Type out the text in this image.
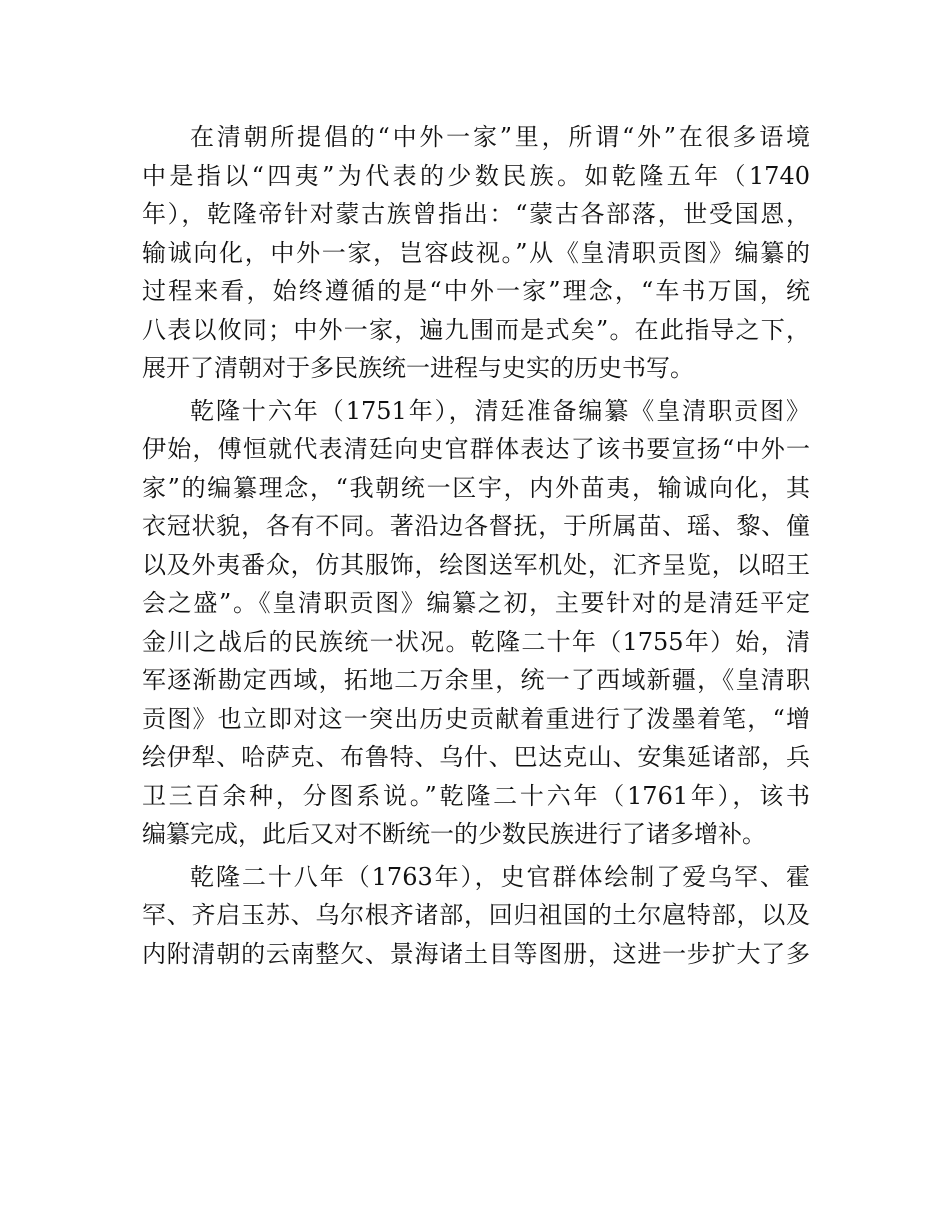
在清朝所提倡的“中外一家”里，所谓“外”在很多语境
中是指以“四夷”为代表的少数民族。如乾隆五年（1740
年），乾隆帝针对蒙古族曾指出：“蒙古各部落，世受国恩，
输诚向化，中外一家，岂容歧视。”从《皇清职贡图》编纂的
过程来看，始终遵循的是“中外一家”理念，“车书万国，统
八表以攸同；中外一家，遍九围而是式矣”。在此指导之下，
展开了清朝对于多民族统一进程与史实的历史书写。
乾隆十六年（1751年），清廷准备编纂《皇清职贡图》
伊始，傅恒就代表清廷向史官群体表达了该书要宣扬“中外一
家”的编纂理念，“我朝统一区宇，内外苗夷，输诚向化，其
衣冠状貌，各有不同。著沿边各督抚，于所属苗、瑶、黎、僮
以及外夷番众，仿其服饰，绘图送军机处，汇齐呈览，以昭王
会之盛”。《皇清职贡图》编纂之初，主要针对的是清廷平定
金川之战后的民族统一状况。乾隆二十年（1755年）始，清
军逐渐勘定西域，拓地二万余里，统一了西域新疆，《皇清职
贡图》也立即对这一突出历史贡献着重进行了泼墨着笔，“增
绘伊犁、哈萨克、布鲁特、乌什、巴达克山、安集延诸部，兵
卫三百余种，分图系说。”乾隆二十六年（1761年），该书
编纂完成，此后又对不断统一的少数民族进行了诸多增补。
乾隆二十八年（1763年），史官群体绘制了爱乌罕、霍
罕、齐启玉苏、乌尔根齐诸部，回归祖国的土尔扈特部，以及
内附清朝的云南整欠、景海诸土目等图册，这进一步扩大了多
